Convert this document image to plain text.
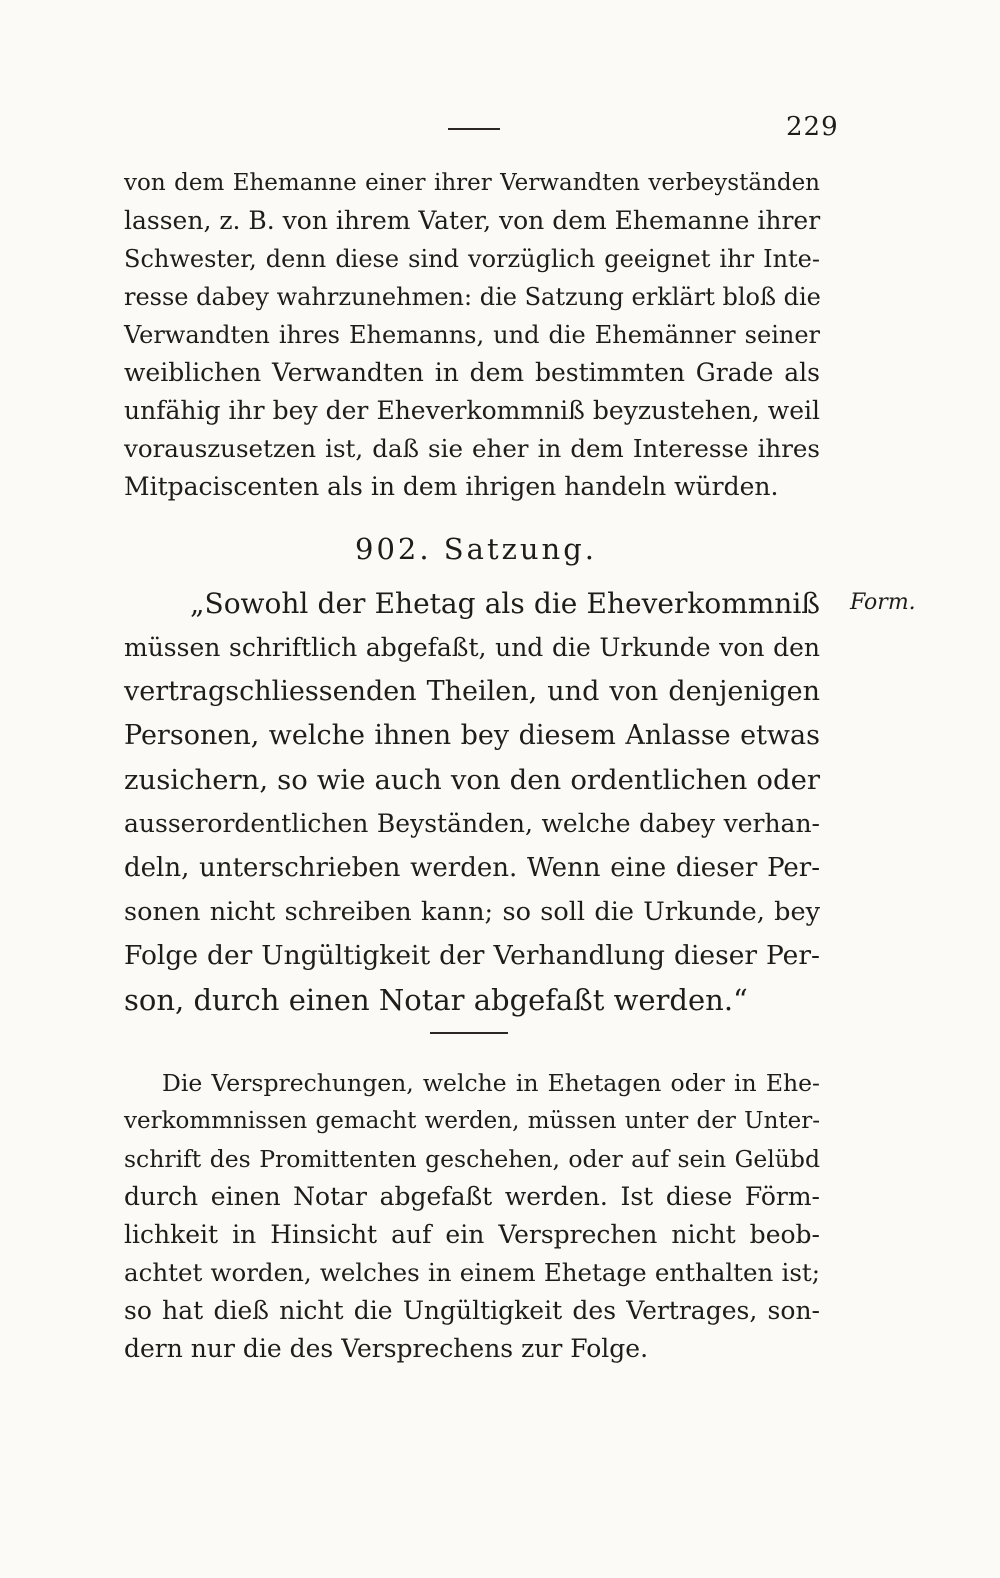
229
von dem Ehemanne einer ihrer Verwandten verbeyständen
lassen, z. B. von ihrem Vater, von dem Ehemanne ihrer
Schwester, denn diese sind vorzüglich geeignet ihr Inte-
resse dabey wahrzunehmen: die Satzung erklärt bloß die
Verwandten ihres Ehemanns, und die Ehemänner seiner
weiblichen Verwandten in dem bestimmten Grade als
unfähig ihr bey der Eheverkommniß beyzustehen, weil
vorauszusetzen ist, daß sie eher in dem Interesse ihres
Mitpaciscenten als in dem ihrigen handeln würden.
902. Satzung.
Form.
„Sowohl der Ehetag als die Eheverkommniß
müssen schriftlich abgefaßt, und die Urkunde von den
vertragschliessenden Theilen, und von denjenigen
Personen, welche ihnen bey diesem Anlasse etwas
zusichern, so wie auch von den ordentlichen oder
ausserordentlichen Beyständen, welche dabey verhan-
deln, unterschrieben werden. Wenn eine dieser Per-
sonen nicht schreiben kann; so soll die Urkunde, bey
Folge der Ungültigkeit der Verhandlung dieser Per-
son, durch einen Notar abgefaßt werden.“
Die Versprechungen, welche in Ehetagen oder in Ehe-
verkommnissen gemacht werden, müssen unter der Unter-
schrift des Promittenten geschehen, oder auf sein Gelübd
durch einen Notar abgefaßt werden. Ist diese Förm-
lichkeit in Hinsicht auf ein Versprechen nicht beob-
achtet worden, welches in einem Ehetage enthalten ist;
so hat dieß nicht die Ungültigkeit des Vertrages, son-
dern nur die des Versprechens zur Folge.
